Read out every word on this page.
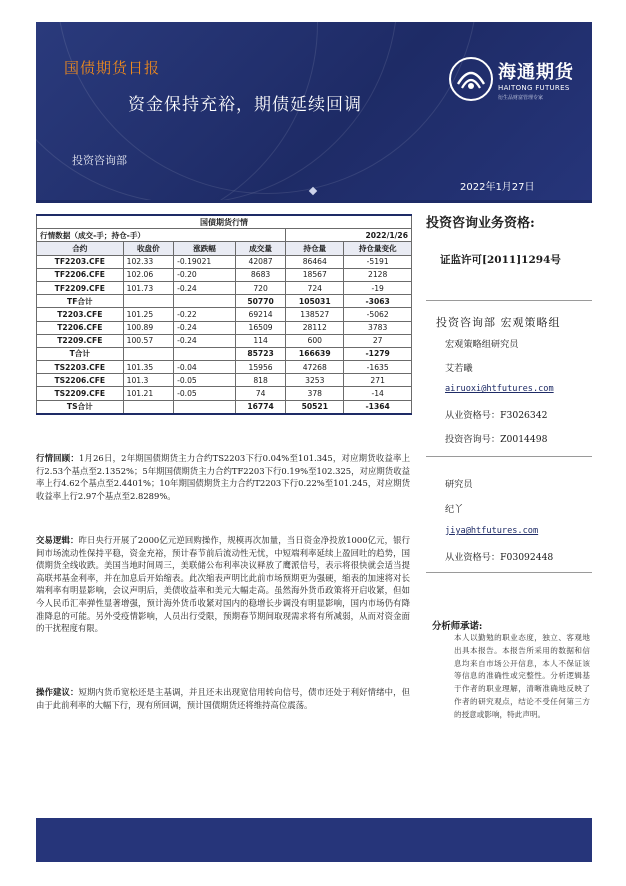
国债期货日报
资金保持充裕，期债延续回调
投资咨询部
2022年1月27日
海通期货
HAITONG FUTURES
衍生品财富管理专家
国债期货行情					
行情数据（成交-手；持仓-手）				2022/1/26	
合约	收盘价	涨跌幅	成交量	持仓量	持仓量变化
TF2203.CFE	102.33	-0.19021	42087	86464	-5191
TF2206.CFE	102.06	-0.20	8683	18567	2128
TF2209.CFE	101.73	-0.24	720	724	-19
TF合计			50770	105031	-3063
T2203.CFE	101.25	-0.22	69214	138527	-5062
T2206.CFE	100.89	-0.24	16509	28112	3783
T2209.CFE	100.57	-0.24	114	600	27
T合计			85723	166639	-1279
TS2203.CFE	101.35	-0.04	15956	47268	-1635
TS2206.CFE	101.3	-0.05	818	3253	271
TS2209.CFE	101.21	-0.05	74	378	-14
TS合计			16774	50521	-1364
行情回顾：1月26日，2年期国债期货主力合约TS2203下行0.04%至101.345，对应期货收益率上行2.53个基点至2.1352%；5年期国债期货主力合约TF2203下行0.19%至102.325，对应期货收益率上行4.62个基点至2.4401%；10年期国债期货主力合约T2203下行0.22%至101.245，对应期货收益率上行2.97个基点至2.8289%。
交易逻辑：昨日央行开展了2000亿元逆回购操作，规模再次加量，当日资金净投放1000亿元，银行间市场流动性保持平稳，资金充裕，预计春节前后流动性无忧，中短端利率延续上盈回吐的趋势，国债期货全线收跌。美国当地时间周三，美联储公布利率决议释放了鹰派信号，表示将很快就会适当提高联邦基金利率，并在加息后开始缩表。此次缩表声明比此前市场预期更为强硬，缩表的加速将对长端利率有明显影响，会议声明后，美债收益率和美元大幅走高。虽然海外货币政策将开启收紧，但如今人民币汇率弹性显著增强，预计海外货币收紧对国内的稳增长步调没有明显影响，国内市场仍有降准降息的可能。另外受疫情影响，人员出行受限，预期春节期间取现需求将有所减弱，从而对资金面的干扰程度有限。
操作建议：短期内货币宽松还是主基调，并且还未出现宽信用转向信号，债市还处于利好情绪中，但由于此前利率的大幅下行，现有所回调，预计国债期货还将维持高位震荡。
投资咨询业务资格:
证监许可[2011]1294号
投资咨询部 宏观策略组
宏观策略组研究员
艾若曦
airuoxi@htfutures.com
从业资格号：F3026342
投资咨询号：Z0014498
研究员
纪丫
jiya@htfutures.com
从业资格号：F03092448
分析师承诺:
本人以勤勉的职业态度，独立、客观地出具本报告。本报告所采用的数据和信息均来自市场公开信息，本人不保证该等信息的准确性或完整性。分析逻辑基于作者的职业理解，清晰准确地反映了作者的研究观点，结论不受任何第三方的授意或影响，特此声明。
